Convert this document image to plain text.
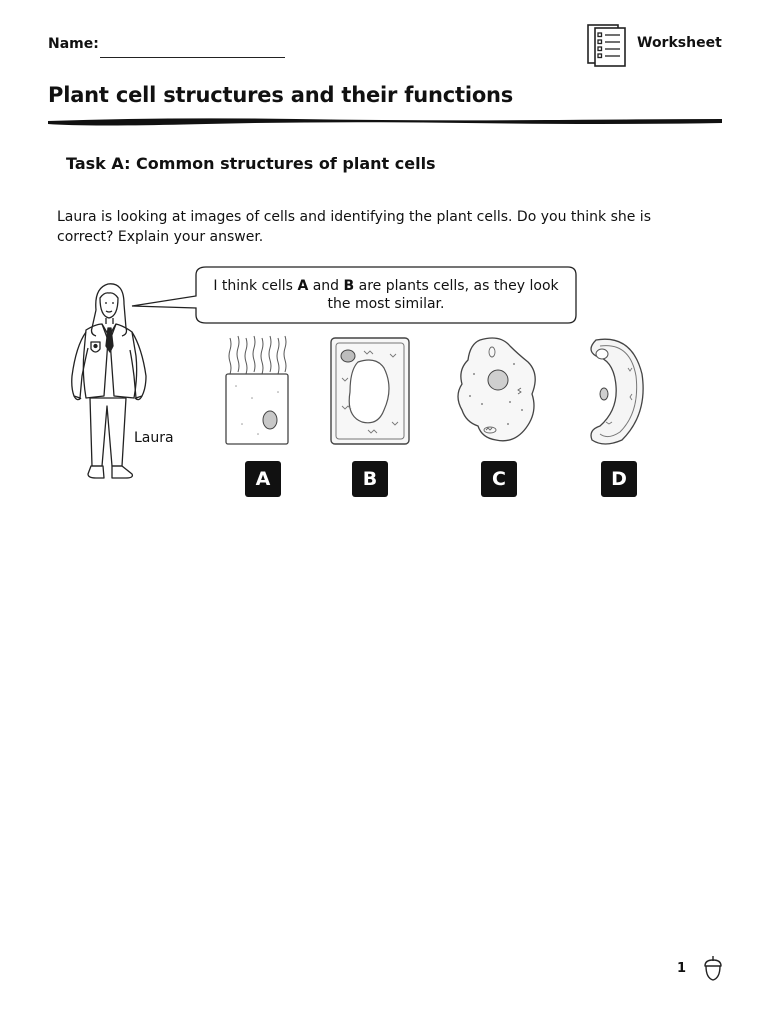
Name:	Worksheet
Plant cell structures and their functions
Task A: Common structures of plant cells
Laura is looking at images of cells and identifying the plant cells. Do you think she is correct? Explain your answer.
I think cells A and B are plants cells, as they look the most similar.
Laura
A	B	C	D
1
